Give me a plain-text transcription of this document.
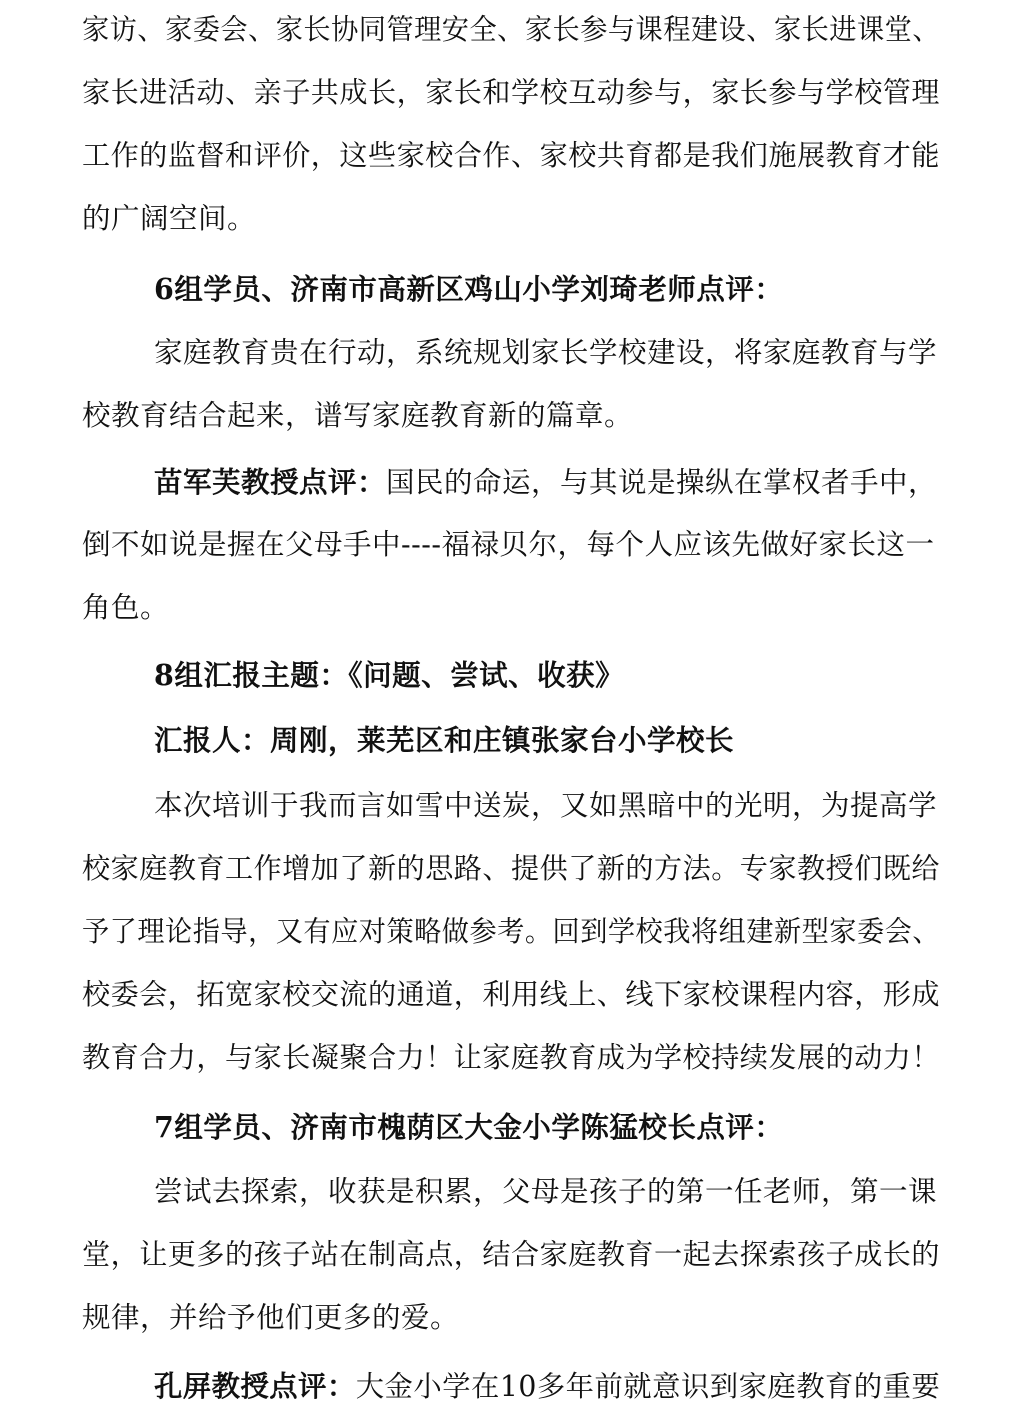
家访、家委会、家长协同管理安全、家长参与课程建设、家长进课堂、
家长进活动、亲子共成长，家长和学校互动参与，家长参与学校管理
工作的监督和评价，这些家校合作、家校共育都是我们施展教育才能
的广阔空间。
6组学员、济南市高新区鸡山小学刘琦老师点评：
家庭教育贵在行动，系统规划家长学校建设，将家庭教育与学
校教育结合起来，谱写家庭教育新的篇章。
苗军芙教授点评：国民的命运，与其说是操纵在掌权者手中，
倒不如说是握在父母手中----福禄贝尔，每个人应该先做好家长这一
角色。
8组汇报主题：《问题、尝试、收获》
汇报人：周刚，莱芜区和庄镇张家台小学校长
本次培训于我而言如雪中送炭，又如黑暗中的光明，为提高学
校家庭教育工作增加了新的思路、提供了新的方法。专家教授们既给
予了理论指导，又有应对策略做参考。回到学校我将组建新型家委会、
校委会，拓宽家校交流的通道，利用线上、线下家校课程内容，形成
教育合力，与家长凝聚合力！让家庭教育成为学校持续发展的动力！
7组学员、济南市槐荫区大金小学陈猛校长点评：
尝试去探索，收获是积累，父母是孩子的第一任老师，第一课
堂，让更多的孩子站在制高点，结合家庭教育一起去探索孩子成长的
规律，并给予他们更多的爱。
孔屏教授点评：大金小学在10多年前就意识到家庭教育的重要
